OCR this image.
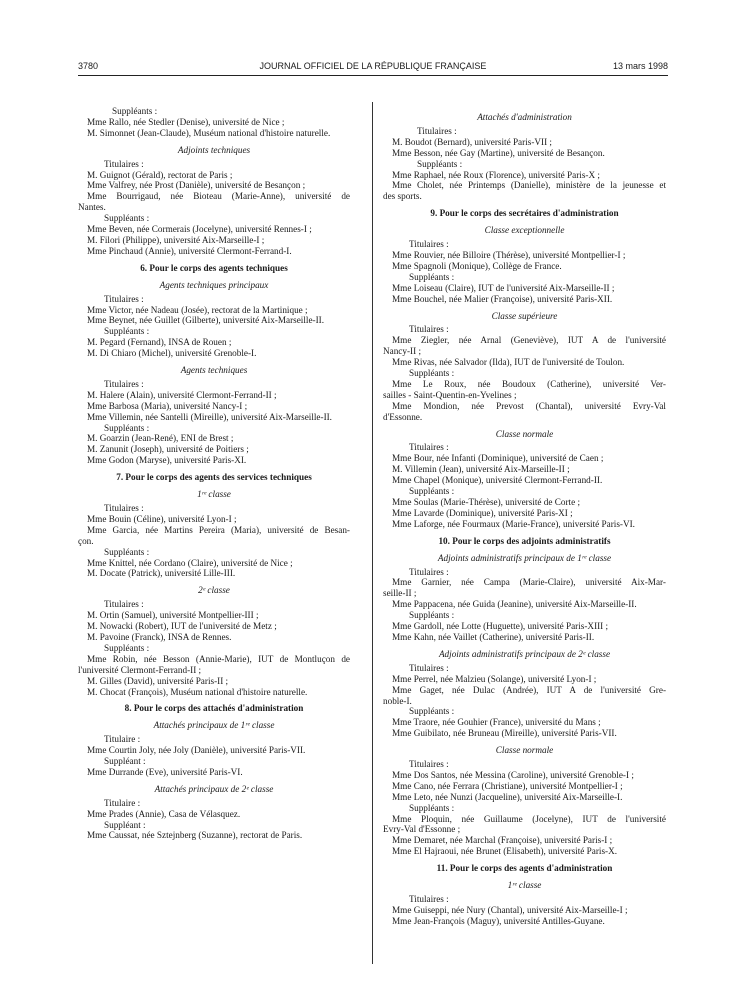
3780	JOURNAL OFFICIEL DE LA RÉPUBLIQUE FRANÇAISE	13 mars 1998
Suppléants :
Mme Rallo, née Stedler (Denise), université de Nice ;
M. Simonnet (Jean-Claude), Muséum national d'histoire naturelle.
Adjoints techniques
Titulaires :
M. Guignot (Gérald), rectorat de Paris ;
Mme Valfrey, née Prost (Danièle), université de Besançon ;
Mme Bourrigaud, née Bioteau (Marie-Anne), université de
Nantes.
Suppléants :
Mme Beven, née Cormerais (Jocelyne), université Rennes-I ;
M. Filori (Philippe), université Aix-Marseille-I ;
Mme Pinchaud (Annie), université Clermont-Ferrand-I.
6. Pour le corps des agents techniques
Agents techniques principaux
Titulaires :
Mme Victor, née Nadeau (Josée), rectorat de la Martinique ;
Mme Beynet, née Guillet (Gilberte), université Aix-Marseille-II.
Suppléants :
M. Pegard (Fernand), INSA de Rouen ;
M. Di Chiaro (Michel), université Grenoble-I.
Agents techniques
Titulaires :
M. Halere (Alain), université Clermont-Ferrand-II ;
Mme Barbosa (Maria), université Nancy-I ;
Mme Villemin, née Santelli (Mireille), université Aix-Marseille-II.
Suppléants :
M. Goarzin (Jean-René), ENI de Brest ;
M. Zanunit (Joseph), université de Poitiers ;
Mme Godon (Maryse), université Paris-XI.
7. Pour le corps des agents des services techniques
1ʳᵉ classe
Titulaires :
Mme Bouin (Céline), université Lyon-I ;
Mme Garcia, née Martins Pereira (Maria), université de Besan-
çon.
Suppléants :
Mme Knittel, née Cordano (Claire), université de Nice ;
M. Docate (Patrick), université Lille-III.
2ᵉ classe
Titulaires :
M. Ortin (Samuel), université Montpellier-III ;
M. Nowacki (Robert), IUT de l'université de Metz ;
M. Pavoine (Franck), INSA de Rennes.
Suppléants :
Mme Robin, née Besson (Annie-Marie), IUT de Montluçon de
l'université Clermont-Ferrand-II ;
M. Gilles (David), université Paris-II ;
M. Chocat (François), Muséum national d'histoire naturelle.
8. Pour le corps des attachés d'administration
Attachés principaux de 1ʳᵉ classe
Titulaire :
Mme Courtin Joly, née Joly (Danièle), université Paris-VII.
Suppléant :
Mme Durrande (Eve), université Paris-VI.
Attachés principaux de 2ᵉ classe
Titulaire :
Mme Prades (Annie), Casa de Vélasquez.
Suppléant :
Mme Caussat, née Sztejnberg (Suzanne), rectorat de Paris.
Attachés d'administration
Titulaires :
M. Boudot (Bernard), université Paris-VII ;
Mme Besson, née Gay (Martine), université de Besançon.
Suppléants :
Mme Raphael, née Roux (Florence), université Paris-X ;
Mme Cholet, née Printemps (Danielle), ministère de la jeunesse et
des sports.
9. Pour le corps des secrétaires d'administration
Classe exceptionnelle
Titulaires :
Mme Rouvier, née Billoire (Thérèse), université Montpellier-I ;
Mme Spagnoli (Monique), Collège de France.
Suppléants :
Mme Loiseau (Claire), IUT de l'université Aix-Marseille-II ;
Mme Bouchel, née Malier (Françoise), université Paris-XII.
Classe supérieure
Titulaires :
Mme Ziegler, née Arnal (Geneviève), IUT A de l'université
Nancy-II ;
Mme Rivas, née Salvador (Ilda), IUT de l'université de Toulon.
Suppléants :
Mme Le Roux, née Boudoux (Catherine), université Ver-
sailles - Saint-Quentin-en-Yvelines ;
Mme Mondion, née Prevost (Chantal), université Evry-Val
d'Essonne.
Classe normale
Titulaires :
Mme Bour, née Infanti (Dominique), université de Caen ;
M. Villemin (Jean), université Aix-Marseille-II ;
Mme Chapel (Monique), université Clermont-Ferrand-II.
Suppléants :
Mme Soulas (Marie-Thérèse), université de Corte ;
Mme Lavarde (Dominique), université Paris-XI ;
Mme Laforge, née Fourmaux (Marie-France), université Paris-VI.
10. Pour le corps des adjoints administratifs
Adjoints administratifs principaux de 1ʳᵉ classe
Titulaires :
Mme Garnier, née Campa (Marie-Claire), université Aix-Mar-
seille-II ;
Mme Pappacena, née Guida (Jeanine), université Aix-Marseille-II.
Suppléants :
Mme Gardoll, née Lotte (Huguette), université Paris-XIII ;
Mme Kahn, née Vaillet (Catherine), université Paris-II.
Adjoints administratifs principaux de 2ᵉ classe
Titulaires :
Mme Perrel, née Malzieu (Solange), université Lyon-I ;
Mme Gaget, née Dulac (Andrée), IUT A de l'université Gre-
noble-I.
Suppléants :
Mme Traore, née Gouhier (France), université du Mans ;
Mme Guibilato, née Bruneau (Mireille), université Paris-VII.
Classe normale
Titulaires :
Mme Dos Santos, née Messina (Caroline), université Grenoble-I ;
Mme Cano, née Ferrara (Christiane), université Montpellier-I ;
Mme Leto, née Nunzi (Jacqueline), université Aix-Marseille-I.
Suppléants :
Mme Ploquin, née Guillaume (Jocelyne), IUT de l'université
Evry-Val d'Essonne ;
Mme Demaret, née Marchal (Françoise), université Paris-I ;
Mme El Hajraoui, née Brunet (Elisabeth), université Paris-X.
11. Pour le corps des agents d'administration
1ʳᵉ classe
Titulaires :
Mme Guiseppi, née Nury (Chantal), université Aix-Marseille-I ;
Mme Jean-François (Maguy), université Antilles-Guyane.
